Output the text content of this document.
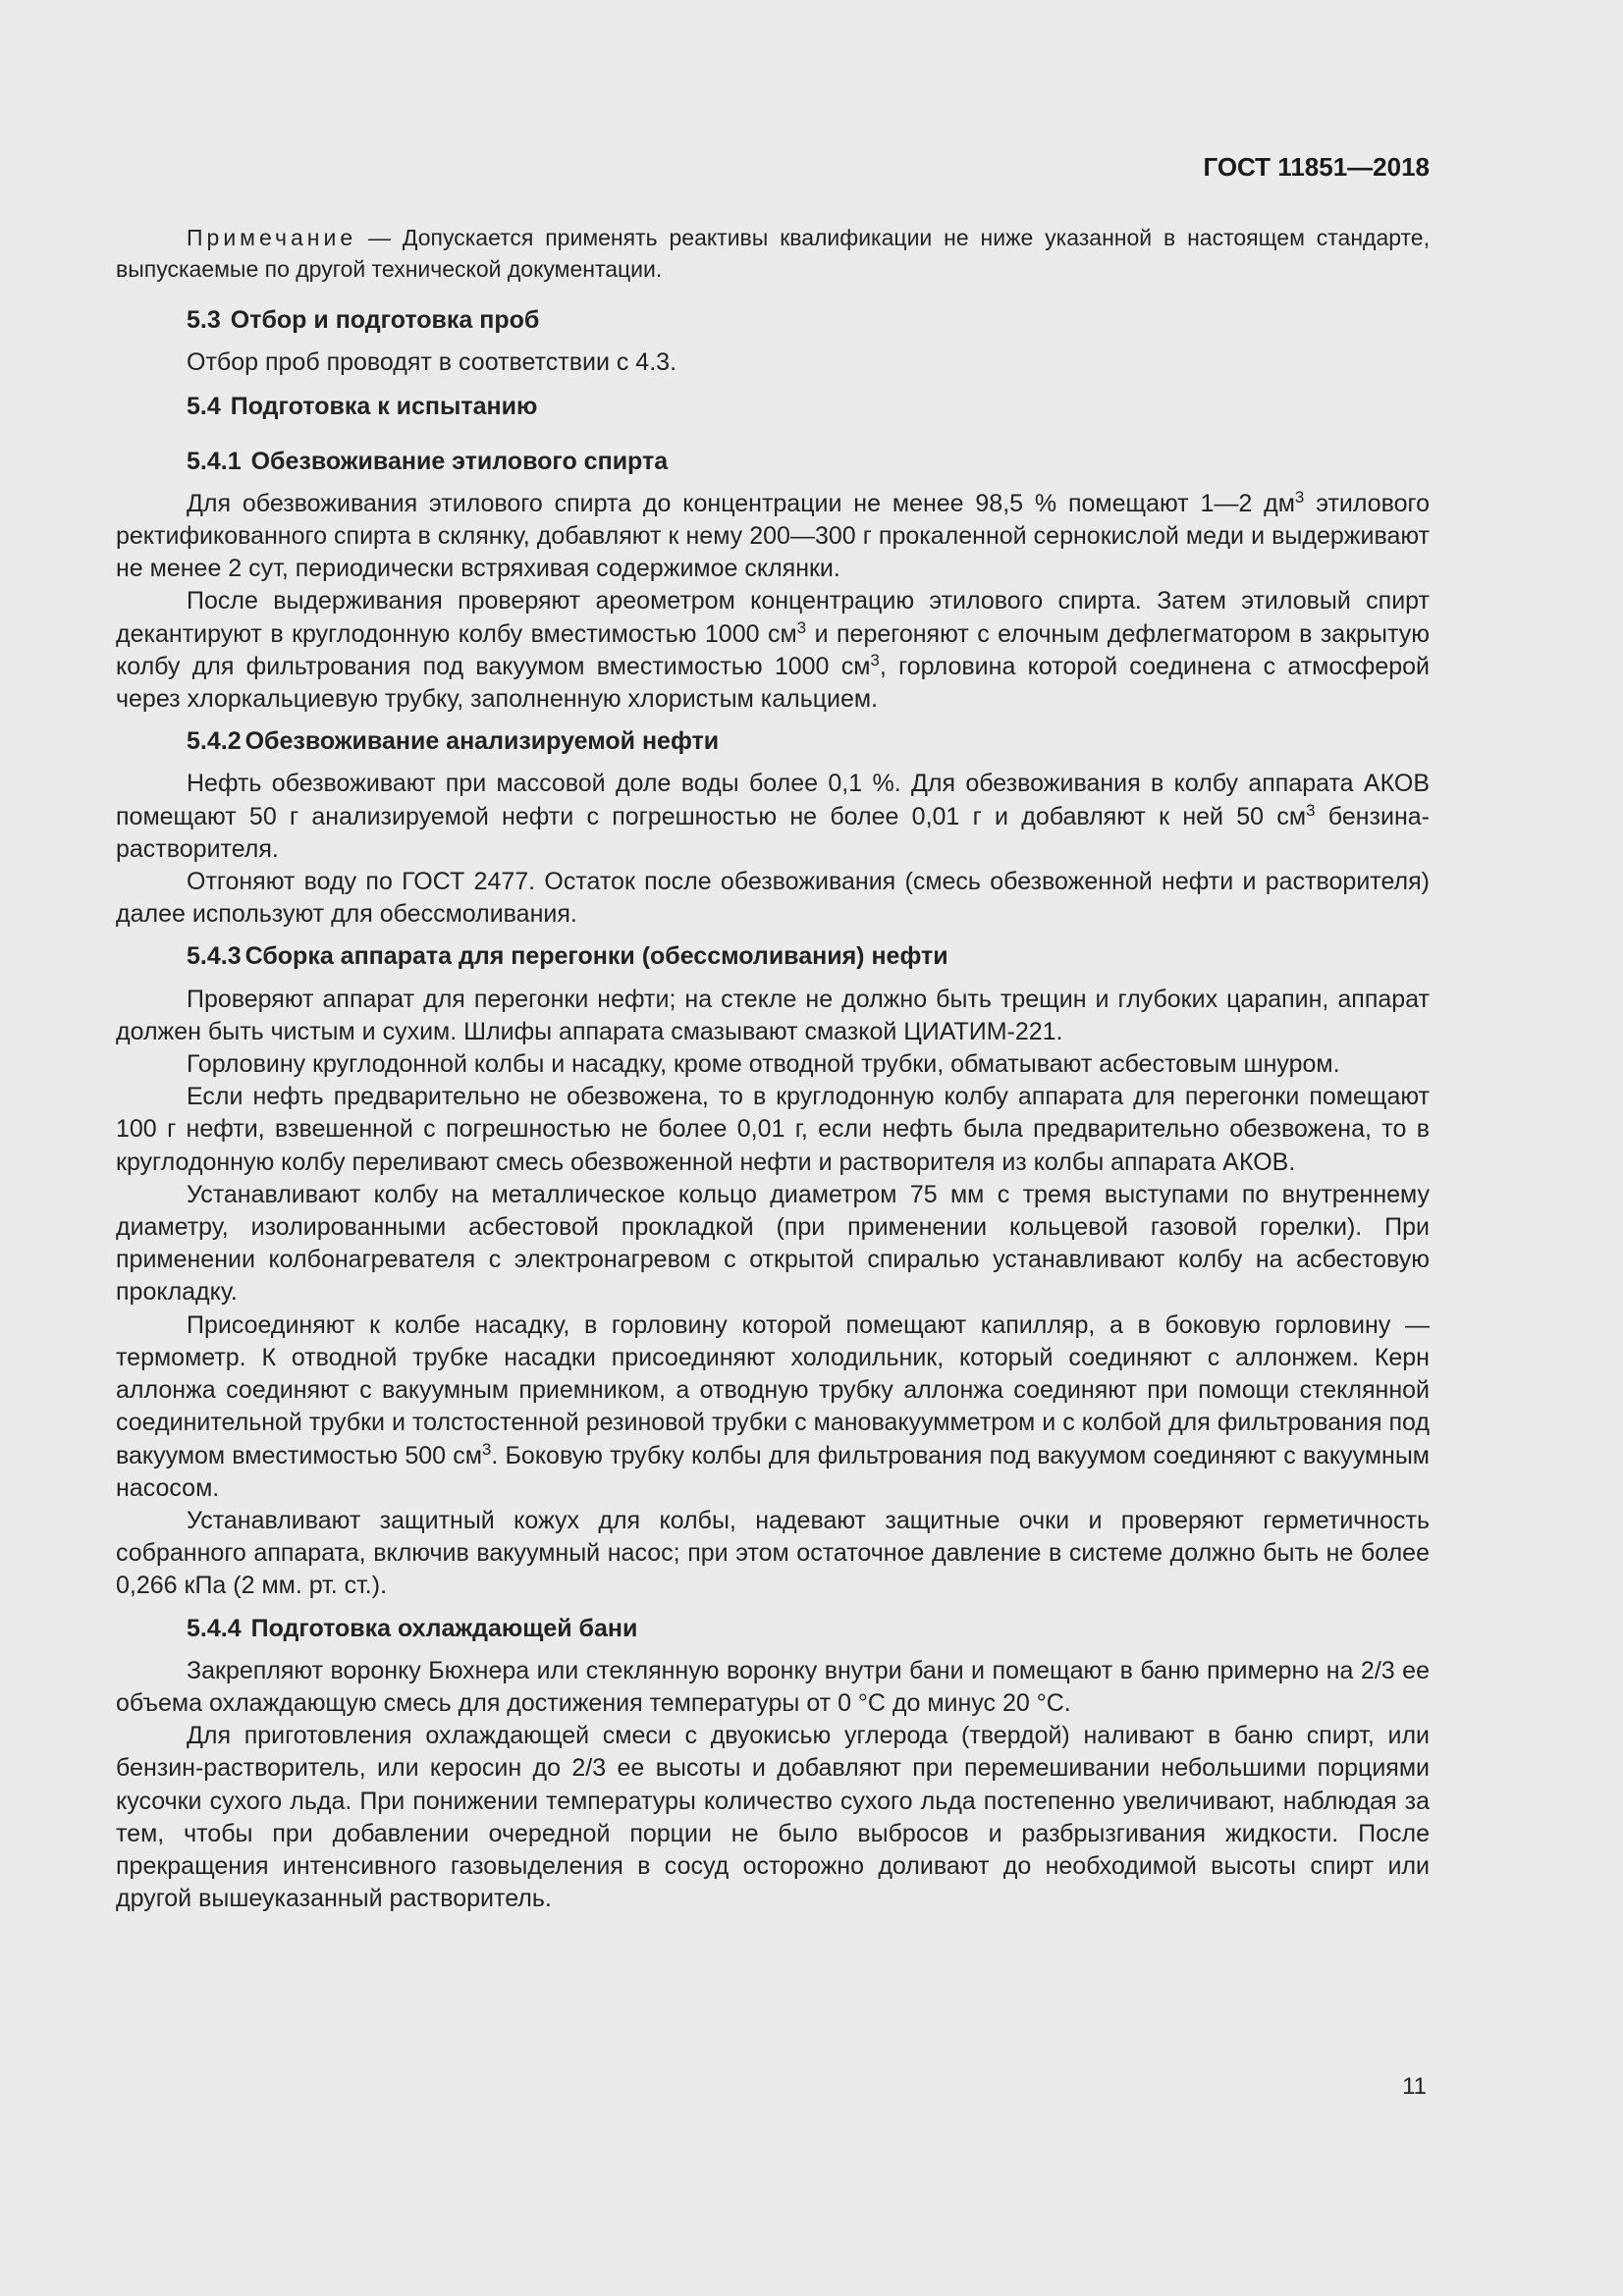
ГОСТ 11851—2018

Примечание — Допускается применять реактивы квалификации не ниже указанной в настоящем стандарте, выпускаемые по другой технической документации.

5.3 Отбор и подготовка проб

Отбор проб проводят в соответствии с 4.3.

5.4 Подготовка к испытанию
5.4.1 Обезвоживание этилового спирта

Для обезвоживания этилового спирта до концентрации не менее 98,5 % помещают 1—2 $дм^3$ этилового ректификованного спирта в склянку, добавляют к нему 200—300 г прокаленной сернокислой меди и выдерживают не менее 2 сут, периодически встряхивая содержимое склянки.

После выдерживания проверяют ареометром концентрацию этилового спирта. Затем этиловый спирт декантируют в круглодонную колбу вместимостью 1000 $см^3$ и перегоняют с елочным дефлегматором в закрытую колбу для фильтрования под вакуумом вместимостью 1000 $см^3$, горловина которой соединена с атмосферой через хлоркальциевую трубку, заполненную хлористым кальцием.

5.4.2 Обезвоживание анализируемой нефти

Нефть обезвоживают при массовой доле воды более 0,1 %. Для обезвоживания в колбу аппарата АКОВ помещают 50 г анализируемой нефти с погрешностью не более 0,01 г и добавляют к ней 50 $см^3$ бензина-растворителя.

Отгоняют воду по ГОСТ 2477. Остаток после обезвоживания (смесь обезвоженной нефти и растворителя) далее используют для обессмоливания.

5.4.3 Сборка аппарата для перегонки (обессмоливания) нефти

Проверяют аппарат для перегонки нефти; на стекле не должно быть трещин и глубоких царапин, аппарат должен быть чистым и сухим. Шлифы аппарата смазывают смазкой ЦИАТИМ-221.

Горловину круглодонной колбы и насадку, кроме отводной трубки, обматывают асбестовым шнуром.

Если нефть предварительно не обезвожена, то в круглодонную колбу аппарата для перегонки помещают 100 г нефти, взвешенной с погрешностью не более 0,01 г, если нефть была предварительно обезвожена, то в круглодонную колбу переливают смесь обезвоженной нефти и растворителя из колбы аппарата АКОВ.

Устанавливают колбу на металлическое кольцо диаметром 75 мм с тремя выступами по внутреннему диаметру, изолированными асбестовой прокладкой (при применении кольцевой газовой горелки). При применении колбонагревателя с электронагревом с открытой спиралью устанавливают колбу на асбестовую прокладку.

Присоединяют к колбе насадку, в горловину которой помещают капилляр, а в боковую горловину — термометр. К отводной трубке насадки присоединяют холодильник, который соединяют с аллонжем. Керн аллонжа соединяют с вакуумным приемником, а отводную трубку аллонжа соединяют при помощи стеклянной соединительной трубки и толстостенной резиновой трубки с мановакуумметром и с колбой для фильтрования под вакуумом вместимостью 500 $см^3$. Боковую трубку колбы для фильтрования под вакуумом соединяют с вакуумным насосом.

Устанавливают защитный кожух для колбы, надевают защитные очки и проверяют герметичность собранного аппарата, включив вакуумный насос; при этом остаточное давление в системе должно быть не более 0,266 кПа (2 мм. рт. ст.).

5.4.4 Подготовка охлаждающей бани

Закрепляют воронку Бюхнера или стеклянную воронку внутри бани и помещают в баню примерно на 2/3 ее объема охлаждающую смесь для достижения температуры от 0 °С до минус 20 °С.

Для приготовления охлаждающей смеси с двуокисью углерода (твердой) наливают в баню спирт, или бензин-растворитель, или керосин до 2/3 ее высоты и добавляют при перемешивании небольшими порциями кусочки сухого льда. При понижении температуры количество сухого льда постепенно увеличивают, наблюдая за тем, чтобы при добавлении очередной порции не было выбросов и разбрызгивания жидкости. После прекращения интенсивного газовыделения в сосуд осторожно доливают до необходимой высоты спирт или другой вышеуказанный растворитель.

11
